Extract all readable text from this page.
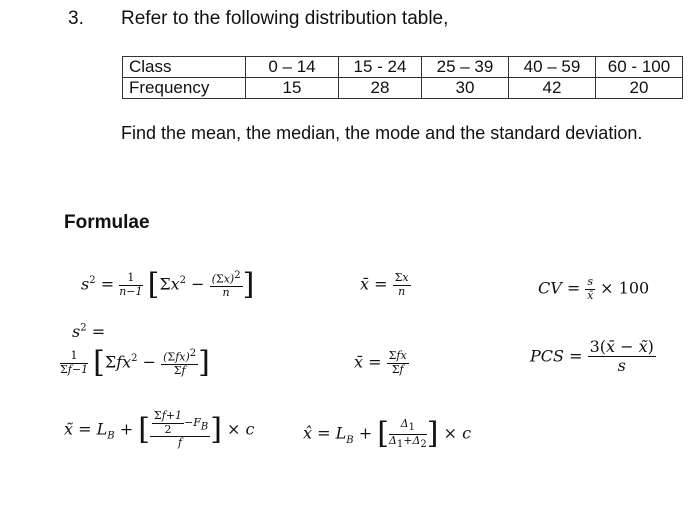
3. Refer to the following distribution table,
Class	0 – 14	15 - 24	25 – 39	40 – 59	60 - 100
Frequency	15	28	30	42	20
Find the mean, the median, the mode and the standard deviation.
Formulae
$s^2 = \frac{1}{n-1} [\Sigma x^2 - \frac{(\Sigma x)^2}{n}$ ]	x̄ = $\frac{\Sigma x}{n}$	CV = $\frac{s}{x̄} \times 100$
$s^2$ =
$\frac{1}{\Sigma f-1} [\Sigma fx^2 - \frac{(\Sigma fx)^2}{\Sigma f}$ ]	x̄ = $\frac{\text{Σfx}}{\Sigma f}$	PCS = $\frac{3(x̄ - x̃)}{s}$
x̃ = $L_B$ + [ $\frac{\frac{\Sigma f+1}{2} -F_B}{f}$ ] × c	x̂ = $L_B$ + [ $\frac{\Delta_1}{\Delta_1+\Delta_2}$ ] × c
